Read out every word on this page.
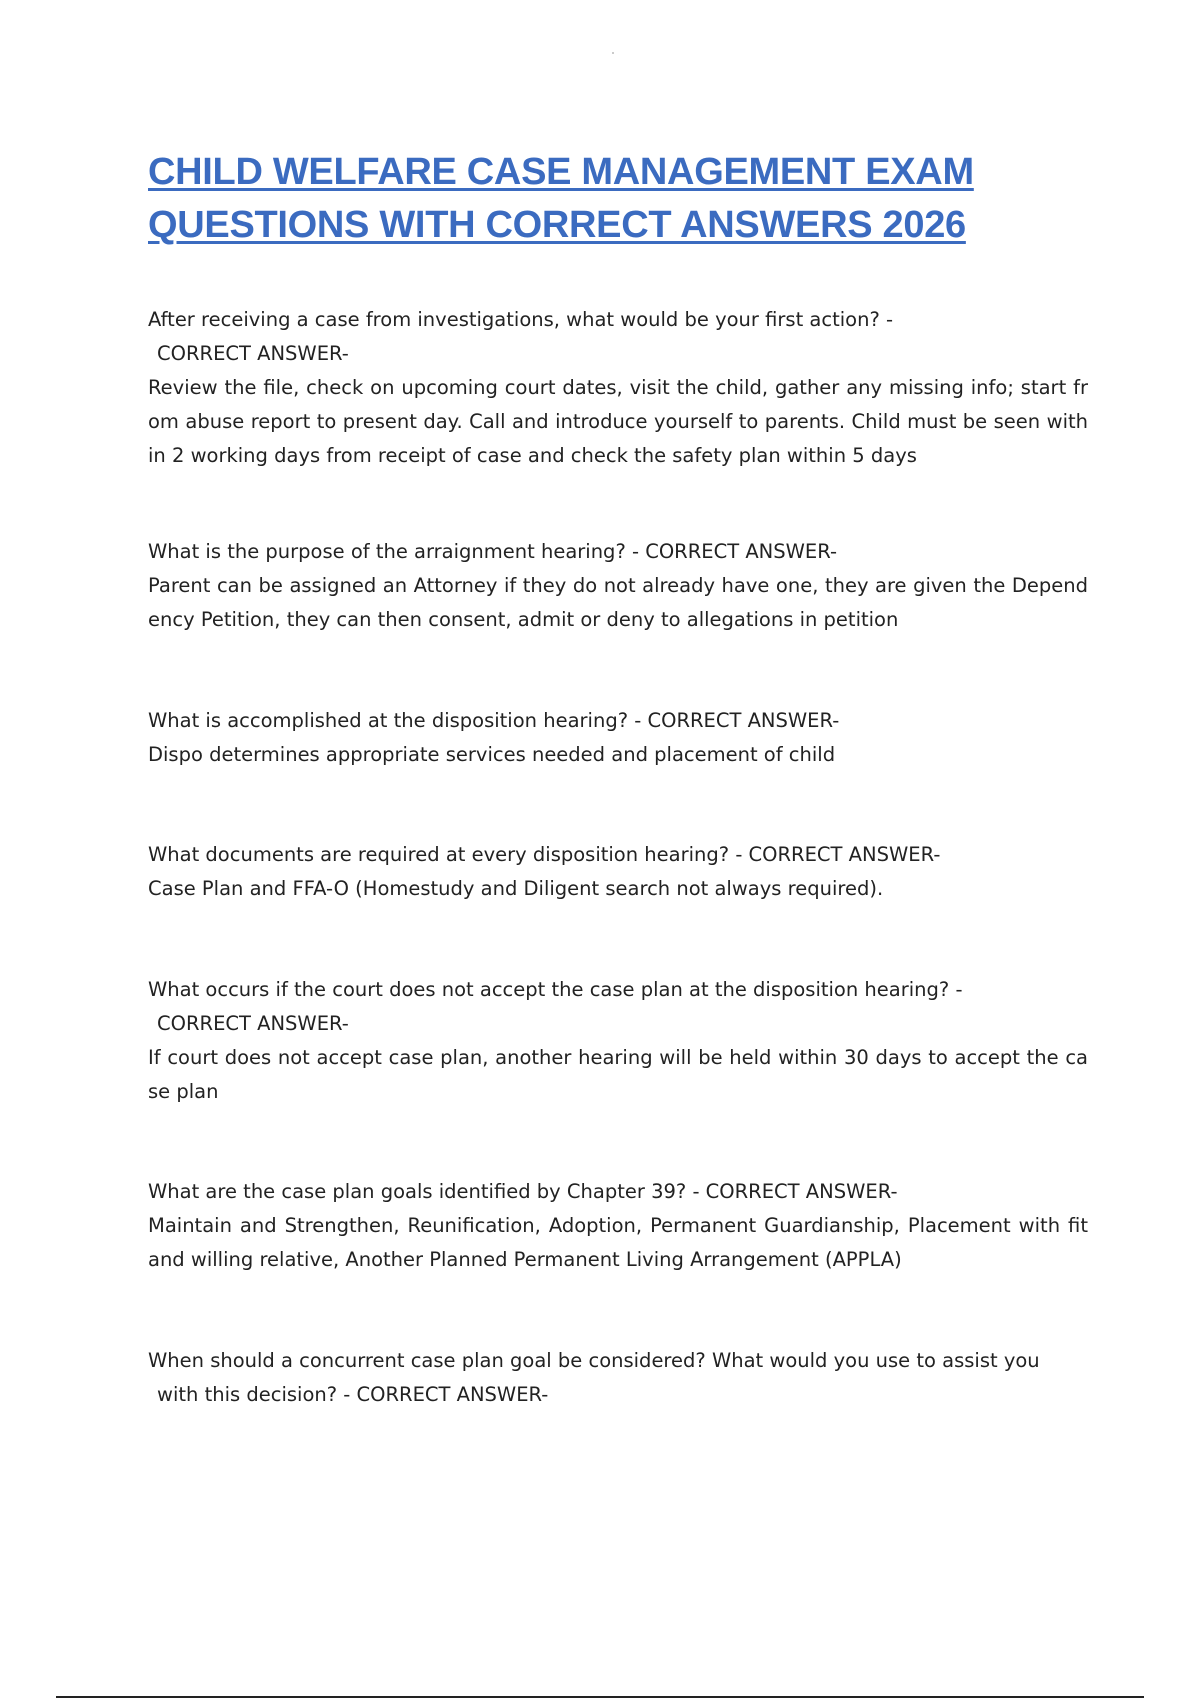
CHILD WELFARE CASE MANAGEMENT EXAM
QUESTIONS WITH CORRECT ANSWERS 2026

After receiving a case from investigations, what would be your first action? -

CORRECT ANSWER-

Review the file, check on upcoming court dates, visit the child, gather any missing info; start from abuse report to present day. Call and introduce yourself to parents. Child must be seen within 2 working days from receipt of case and check the safety plan within 5 days

What is the purpose of the arraignment hearing? - CORRECT ANSWER-

Parent can be assigned an Attorney if they do not already have one, they are given the Dependency Petition, they can then consent, admit or deny to allegations in petition

What is accomplished at the disposition hearing? - CORRECT ANSWER-

Dispo determines appropriate services needed and placement of child

What documents are required at every disposition hearing? - CORRECT ANSWER-

Case Plan and FFA-O (Homestudy and Diligent search not always required).

What occurs if the court does not accept the case plan at the disposition hearing? -

CORRECT ANSWER-

If court does not accept case plan, another hearing will be held within 30 days to accept the case plan

What are the case plan goals identified by Chapter 39? - CORRECT ANSWER-

Maintain and Strengthen, Reunification, Adoption, Permanent Guardianship, Placement with fit and willing relative, Another Planned Permanent Living Arrangement (APPLA)

When should a concurrent case plan goal be considered? What would you use to assist you

with this decision? - CORRECT ANSWER-
